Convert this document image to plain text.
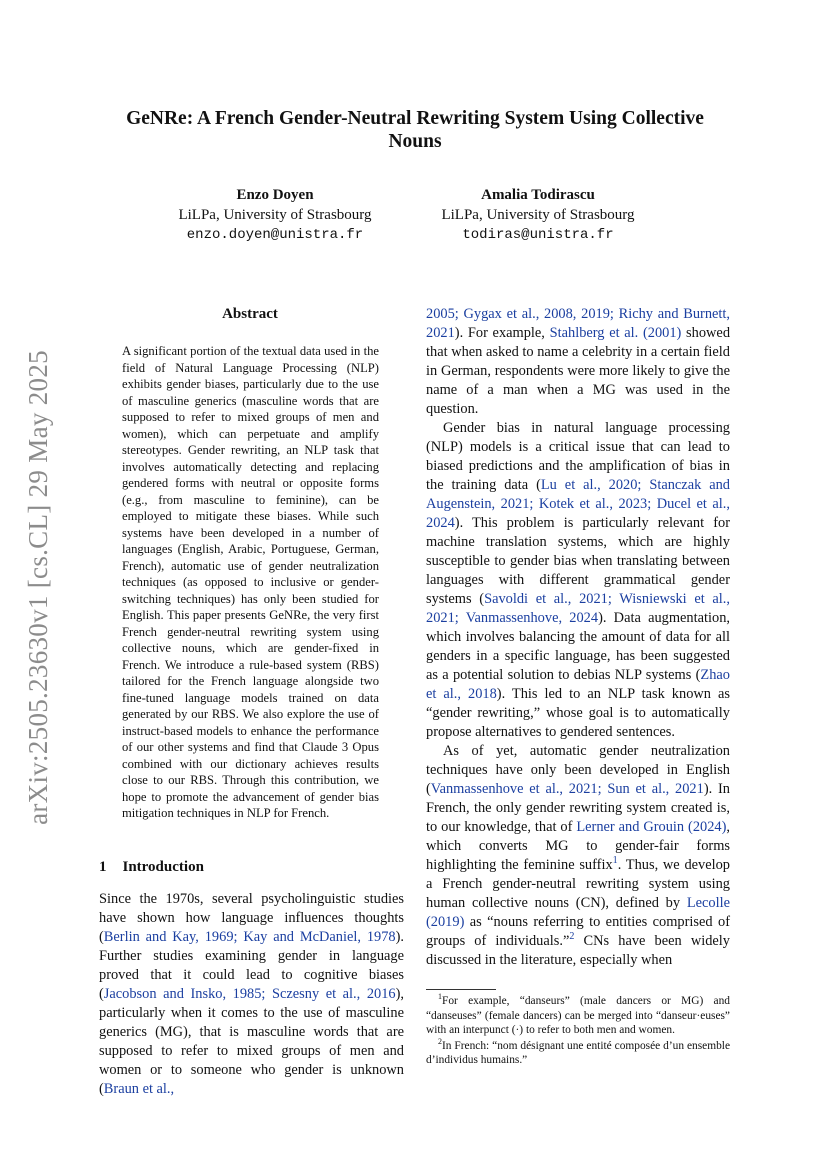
arXiv:2505.23630v1 [cs.CL] 29 May 2025
GeNRe: A French Gender-Neutral Rewriting System Using Collective Nouns
Enzo Doyen
LiLPa, University of Strasbourg
enzo.doyen@unistra.fr
Amalia Todirascu
LiLPa, University of Strasbourg
todiras@unistra.fr
Abstract
A significant portion of the textual data used in the field of Natural Language Processing (NLP) exhibits gender biases, particularly due to the use of masculine generics (masculine words that are supposed to refer to mixed groups of men and women), which can perpetuate and amplify stereotypes. Gender rewriting, an NLP task that involves automatically detecting and replacing gendered forms with neutral or opposite forms (e.g., from masculine to feminine), can be employed to mitigate these biases. While such systems have been developed in a number of languages (English, Arabic, Portuguese, German, French), automatic use of gender neutralization techniques (as opposed to inclusive or gender-switching techniques) has only been studied for English. This paper presents GeNRe, the very first French gender-neutral rewriting system using collective nouns, which are gender-fixed in French. We introduce a rule-based system (RBS) tailored for the French language alongside two fine-tuned language models trained on data generated by our RBS. We also explore the use of instruct-based models to enhance the performance of our other systems and find that Claude 3 Opus combined with our dictionary achieves results close to our RBS. Through this contribution, we hope to promote the advancement of gender bias mitigation techniques in NLP for French.
1 Introduction

Since the 1970s, several psycholinguistic studies have shown how language influences thoughts (Berlin and Kay, 1969; Kay and McDaniel, 1978). Further studies examining gender in language proved that it could lead to cognitive biases (Jacobson and Insko, 1985; Sczesny et al., 2016), particularly when it comes to the use of masculine generics (MG), that is masculine words that are supposed to refer to mixed groups of men and women or to someone who gender is unknown (Braun et al.,

2005; Gygax et al., 2008, 2019; Richy and Burnett, 2021). For example, Stahlberg et al. (2001) showed that when asked to name a celebrity in a certain field in German, respondents were more likely to give the name of a man when a MG was used in the question.

Gender bias in natural language processing (NLP) models is a critical issue that can lead to biased predictions and the amplification of bias in the training data (Lu et al., 2020; Stanczak and Augenstein, 2021; Kotek et al., 2023; Ducel et al., 2024). This problem is particularly relevant for machine translation systems, which are highly susceptible to gender bias when translating between languages with different grammatical gender systems (Savoldi et al., 2021; Wisniewski et al., 2021; Vanmassenhove, 2024). Data augmentation, which involves balancing the amount of data for all genders in a specific language, has been suggested as a potential solution to debias NLP systems (Zhao et al., 2018). This led to an NLP task known as “gender rewriting,” whose goal is to automatically propose alternatives to gendered sentences.

As of yet, automatic gender neutralization techniques have only been developed in English (Vanmassenhove et al., 2021; Sun et al., 2021). In French, the only gender rewriting system created is, to our knowledge, that of Lerner and Grouin (2024), which converts MG to gender-fair forms highlighting the feminine suffix$^1$. Thus, we develop a French gender-neutral rewriting system using human collective nouns (CN), defined by Lecolle (2019) as “nouns referring to entities comprised of groups of individuals.”$^2$ CNs have been widely discussed in the literature, especially when

$^1$For example, “danseurs” (male dancers or MG) and “danseuses” (female dancers) can be merged into “danseur·euses” with an interpunct (·) to refer to both men and women.

$^2$In French: “nom désignant une entité composée d’un ensemble d’individus humains.”
